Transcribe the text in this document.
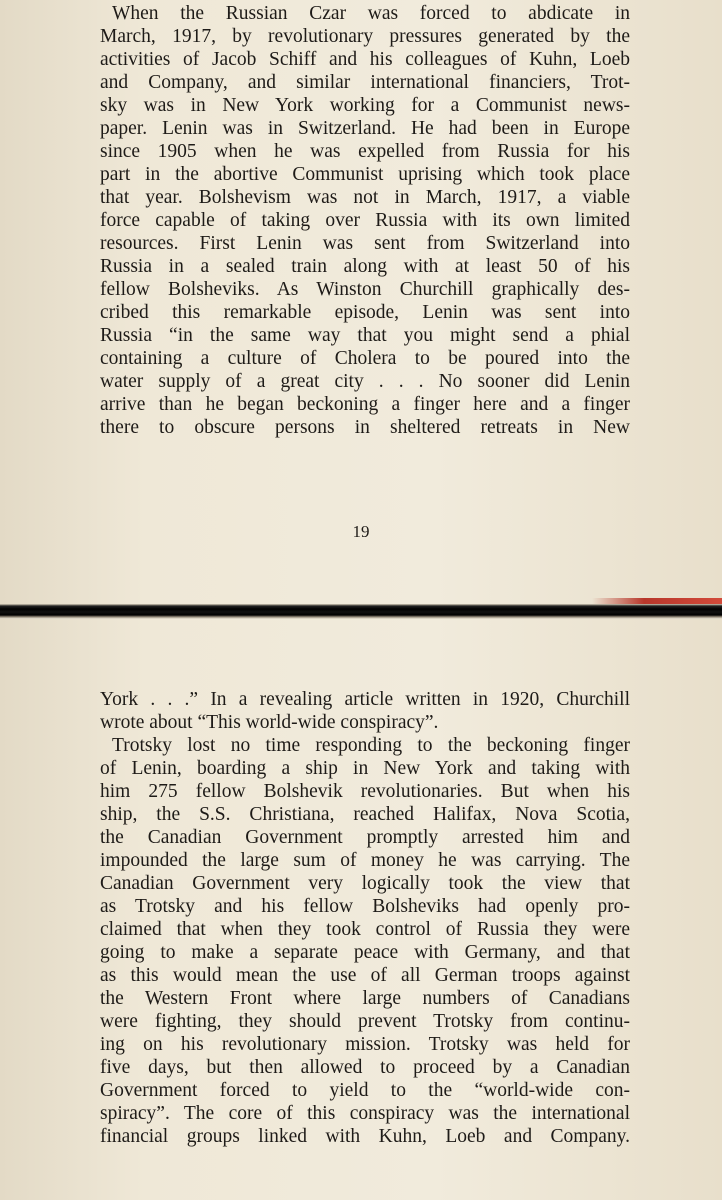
When the Russian Czar was forced to abdicate in
March, 1917, by revolutionary pressures generated by the
activities of Jacob Schiff and his colleagues of Kuhn, Loeb
and Company, and similar international financiers, Trot-
sky was in New York working for a Communist news-
paper. Lenin was in Switzerland. He had been in Europe
since 1905 when he was expelled from Russia for his
part in the abortive Communist uprising which took place
that year. Bolshevism was not in March, 1917, a viable
force capable of taking over Russia with its own limited
resources. First Lenin was sent from Switzerland into
Russia in a sealed train along with at least 50 of his
fellow Bolsheviks. As Winston Churchill graphically des-
cribed this remarkable episode, Lenin was sent into
Russia “in the same way that you might send a phial
containing a culture of Cholera to be poured into the
water supply of a great city . . . No sooner did Lenin
arrive than he began beckoning a finger here and a finger
there to obscure persons in sheltered retreats in New
19
York . . .” In a revealing article written in 1920, Churchill
wrote about “This world-wide conspiracy”.
Trotsky lost no time responding to the beckoning finger
of Lenin, boarding a ship in New York and taking with
him 275 fellow Bolshevik revolutionaries. But when his
ship, the S.S. Christiana, reached Halifax, Nova Scotia,
the Canadian Government promptly arrested him and
impounded the large sum of money he was carrying. The
Canadian Government very logically took the view that
as Trotsky and his fellow Bolsheviks had openly pro-
claimed that when they took control of Russia they were
going to make a separate peace with Germany, and that
as this would mean the use of all German troops against
the Western Front where large numbers of Canadians
were fighting, they should prevent Trotsky from continu-
ing on his revolutionary mission. Trotsky was held for
five days, but then allowed to proceed by a Canadian
Government forced to yield to the “world-wide con-
spiracy”. The core of this conspiracy was the international
financial groups linked with Kuhn, Loeb and Company.
